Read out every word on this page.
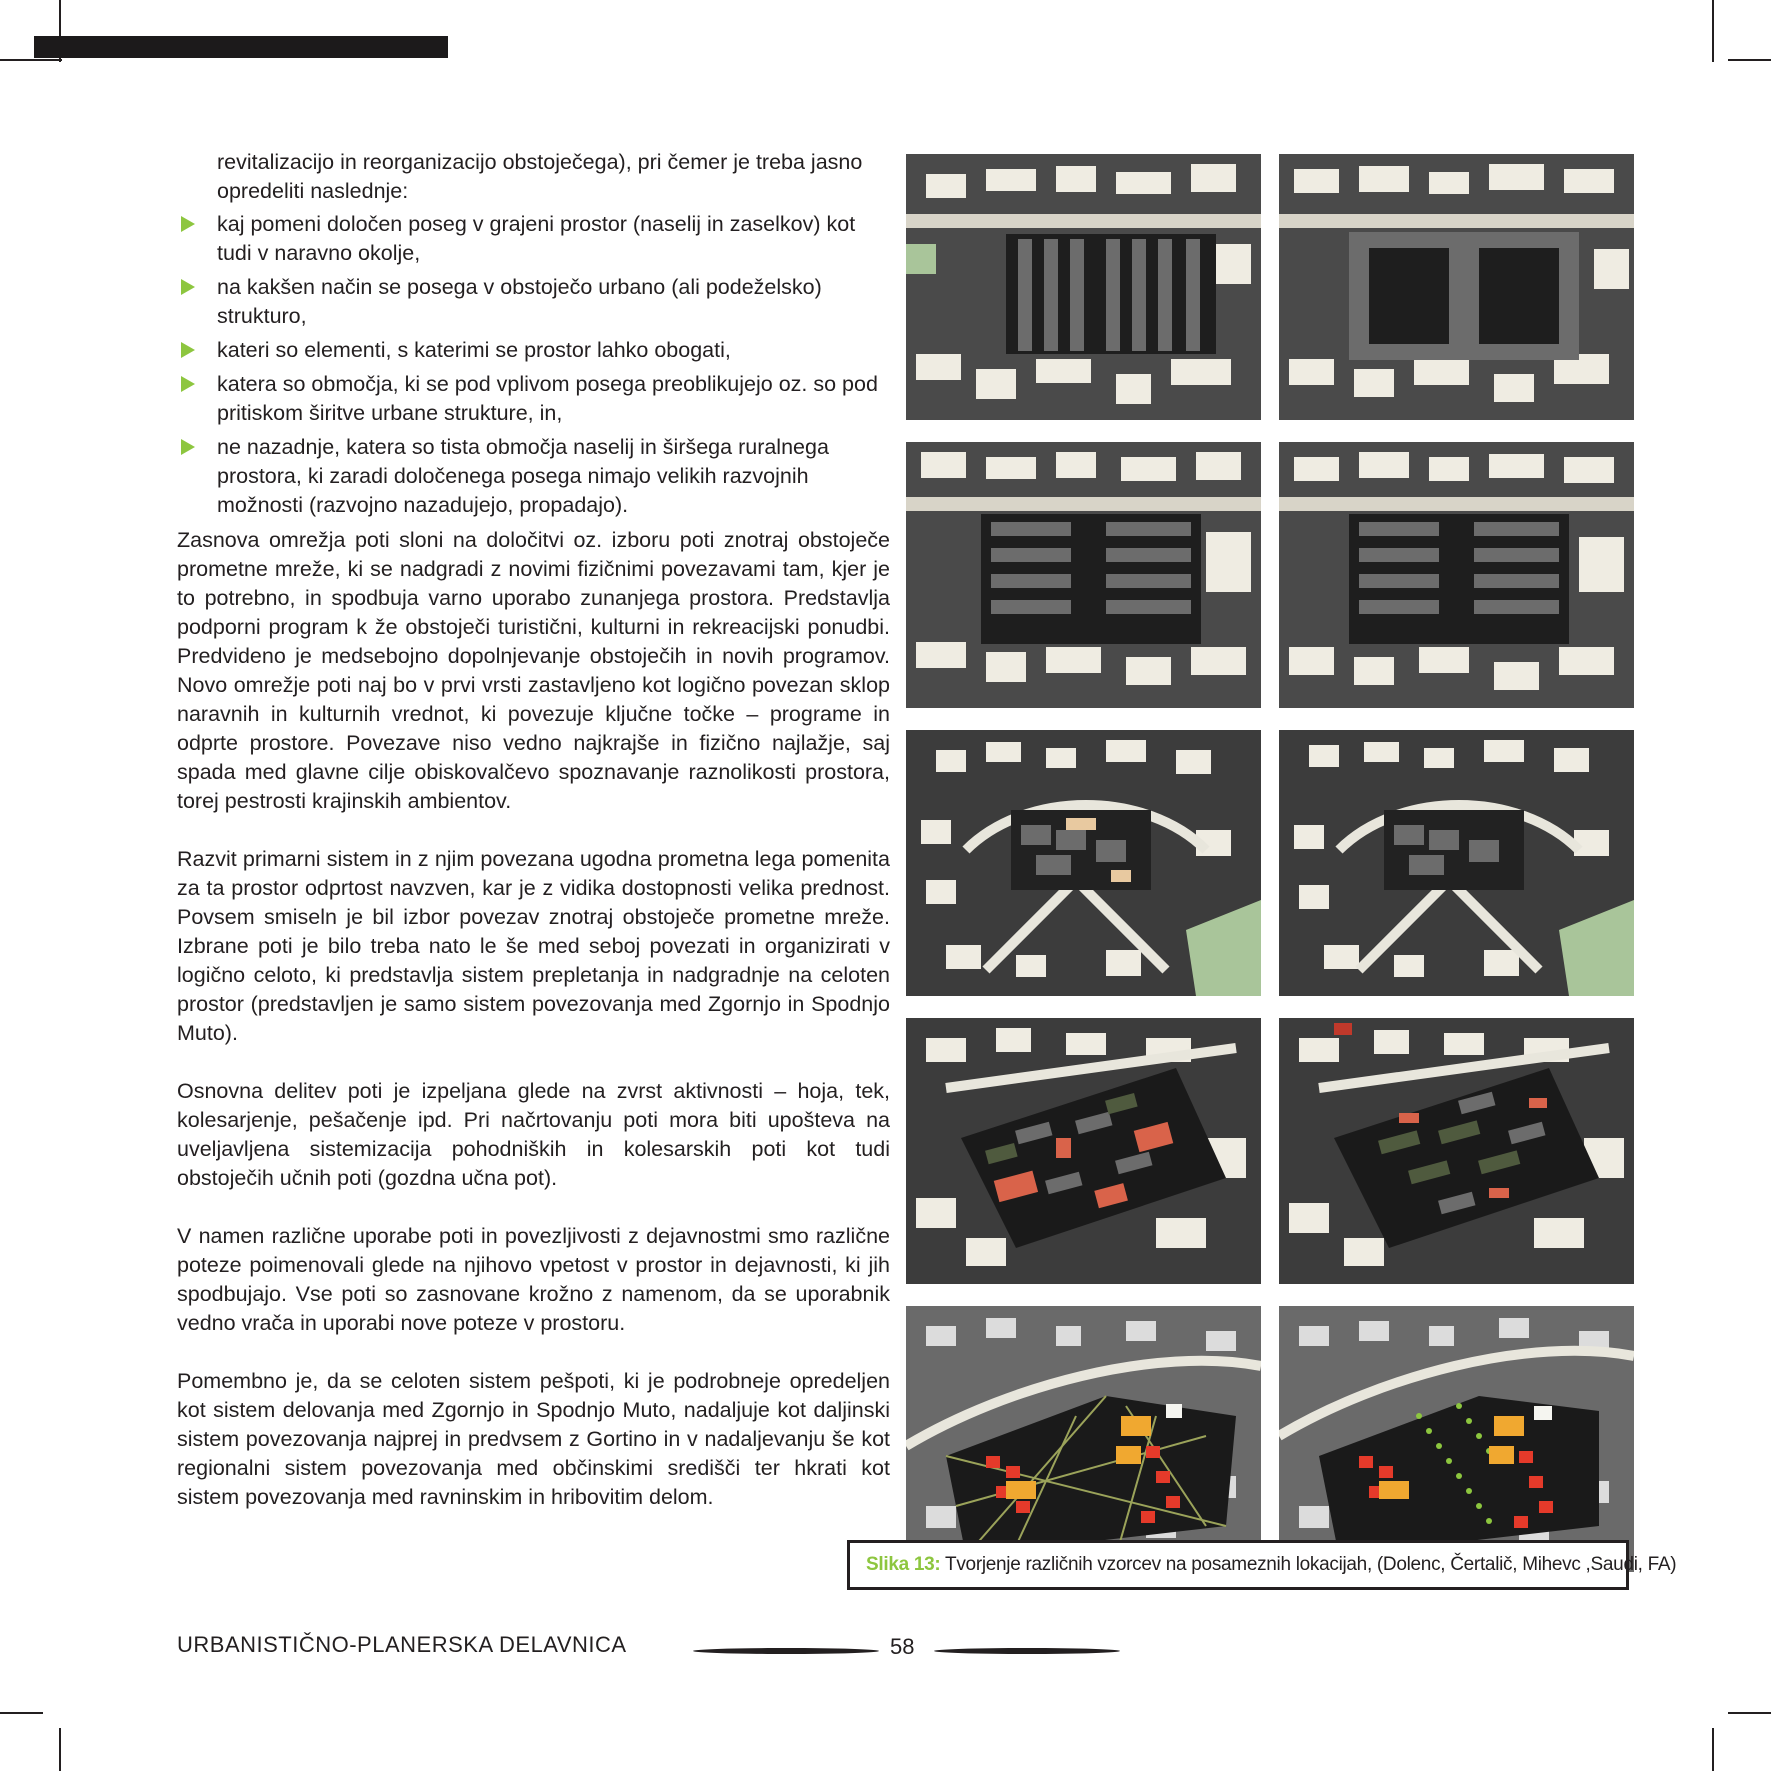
revitalizacijo in reorganizacijo obstoječega), pri čemer je treba jasno opredeliti naslednje:

kaj pomeni določen poseg v grajeni prostor (naselij in zaselkov) kot tudi v naravno okolje,
na kakšen način se posega v obstoječo urbano (ali podeželsko) strukturo,
kateri so elementi, s katerimi se prostor lahko obogati,
katera so območja, ki se pod vplivom posega preoblikujejo oz. so pod pritiskom širitve urbane strukture, in,
ne nazadnje, katera so tista območja naselij in širšega ruralnega prostora, ki zaradi določenega posega nimajo velikih razvojnih možnosti (razvojno nazadujejo, propadajo).

Zasnova omrežja poti sloni na določitvi oz. izboru poti znotraj obstoječe prometne mreže, ki se nadgradi z novimi fizičnimi povezavami tam, kjer je to potrebno, in spodbuja varno uporabo zunanjega prostora. Predstavlja podporni program k že obstoječi turistični, kulturni in rekreacijski ponudbi. Predvideno je medsebojno dopolnjevanje obstoječih in novih programov. Novo omrežje poti naj bo v prvi vrsti zastavljeno kot logično povezan sklop naravnih in kulturnih vrednot, ki povezuje ključne točke – programe in odprte prostore. Povezave niso vedno najkrajše in fizično najlažje, saj spada med glavne cilje obiskovalčevo spoznavanje raznolikosti prostora, torej pestrosti krajinskih ambientov.

Razvit primarni sistem in z njim povezana ugodna prometna lega pomenita za ta prostor odprtost navzven, kar je z vidika dostopnosti velika prednost. Povsem smiseln je bil izbor povezav znotraj obstoječe prometne mreže. Izbrane poti je bilo treba nato le še med seboj povezati in organizirati v logično celoto, ki predstavlja sistem prepletanja in nadgradnje na celoten prostor (predstavljen je samo sistem povezovanja med Zgornjo in Spodnjo Muto).

Osnovna delitev poti je izpeljana glede na zvrst aktivnosti – hoja, tek, kolesarjenje, pešačenje ipd. Pri načrtovanju poti mora biti upošteva na uveljavljena sistemizacija pohodniških in kolesarskih poti kot tudi obstoječih učnih poti (gozdna učna pot).

V namen različne uporabe poti in povezljivosti z dejavnostmi smo različne poteze poimenovali glede na njihovo vpetost v prostor in dejavnosti, ki jih spodbujajo. Vse poti so zasnovane krožno z namenom, da se uporabnik vedno vrača in uporabi nove poteze v prostoru.

Pomembno je, da se celoten sistem pešpoti, ki je podrobneje opredeljen kot sistem delovanja med Zgornjo in Spodnjo Muto, nadaljuje kot daljinski sistem povezovanja najprej in predvsem z Gortino in v nadaljevanju še kot regionalni sistem povezovanja med občinskimi središči ter hkrati kot sistem povezovanja med ravninskim in hribovitim delom.

Slika 13: Tvorjenje različnih vzorcev na posameznih lokacijah, (Dolenc, Čertalič, Mihevc ,Saudi, FA)
URBANISTIČNO-PLANERSKA DELAVNICA	58
